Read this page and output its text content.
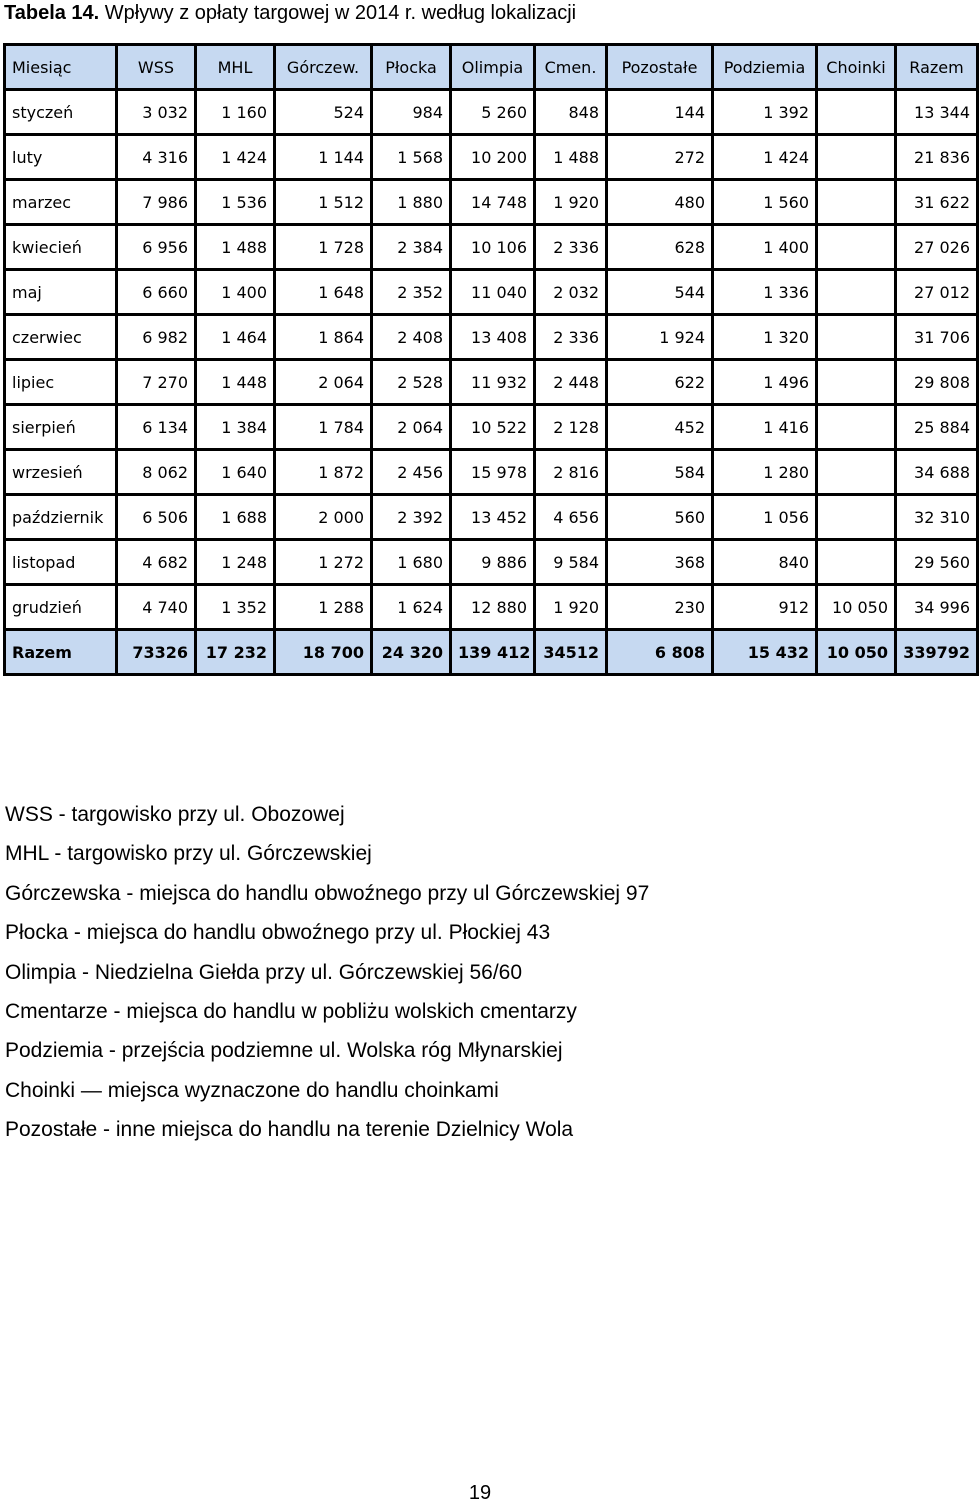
Tabela 14. Wpływy z opłaty targowej w 2014 r. według lokalizacji
Miesiąc	WSS	MHL	Górczew.	Płocka	Olimpia	Cmen.	Pozostałe	Podziemia	Choinki	Razem
styczeń	3 032	1 160	524	984	5 260	848	144	1 392		13 344
luty	4 316	1 424	1 144	1 568	10 200	1 488	272	1 424		21 836
marzec	7 986	1 536	1 512	1 880	14 748	1 920	480	1 560		31 622
kwiecień	6 956	1 488	1 728	2 384	10 106	2 336	628	1 400		27 026
maj	6 660	1 400	1 648	2 352	11 040	2 032	544	1 336		27 012
czerwiec	6 982	1 464	1 864	2 408	13 408	2 336	1 924	1 320		31 706
lipiec	7 270	1 448	2 064	2 528	11 932	2 448	622	1 496		29 808
sierpień	6 134	1 384	1 784	2 064	10 522	2 128	452	1 416		25 884
wrzesień	8 062	1 640	1 872	2 456	15 978	2 816	584	1 280		34 688
październik	6 506	1 688	2 000	2 392	13 452	4 656	560	1 056		32 310
listopad	4 682	1 248	1 272	1 680	9 886	9 584	368	840		29 560
grudzień	4 740	1 352	1 288	1 624	12 880	1 920	230	912	10 050	34 996
Razem	73326	17 232	18 700	24 320	139 412	34512	6 808	15 432	10 050	339792
WSS - targowisko przy ul. Obozowej
MHL - targowisko przy ul. Górczewskiej
Górczewska - miejsca do handlu obwoźnego przy ul Górczewskiej 97
Płocka - miejsca do handlu obwoźnego przy ul. Płockiej 43
Olimpia - Niedzielna Giełda przy ul. Górczewskiej 56/60
Cmentarze - miejsca do handlu w pobliżu wolskich cmentarzy
Podziemia - przejścia podziemne ul. Wolska róg Młynarskiej
Choinki — miejsca wyznaczone do handlu choinkami
Pozostałe - inne miejsca do handlu na terenie Dzielnicy Wola
19
